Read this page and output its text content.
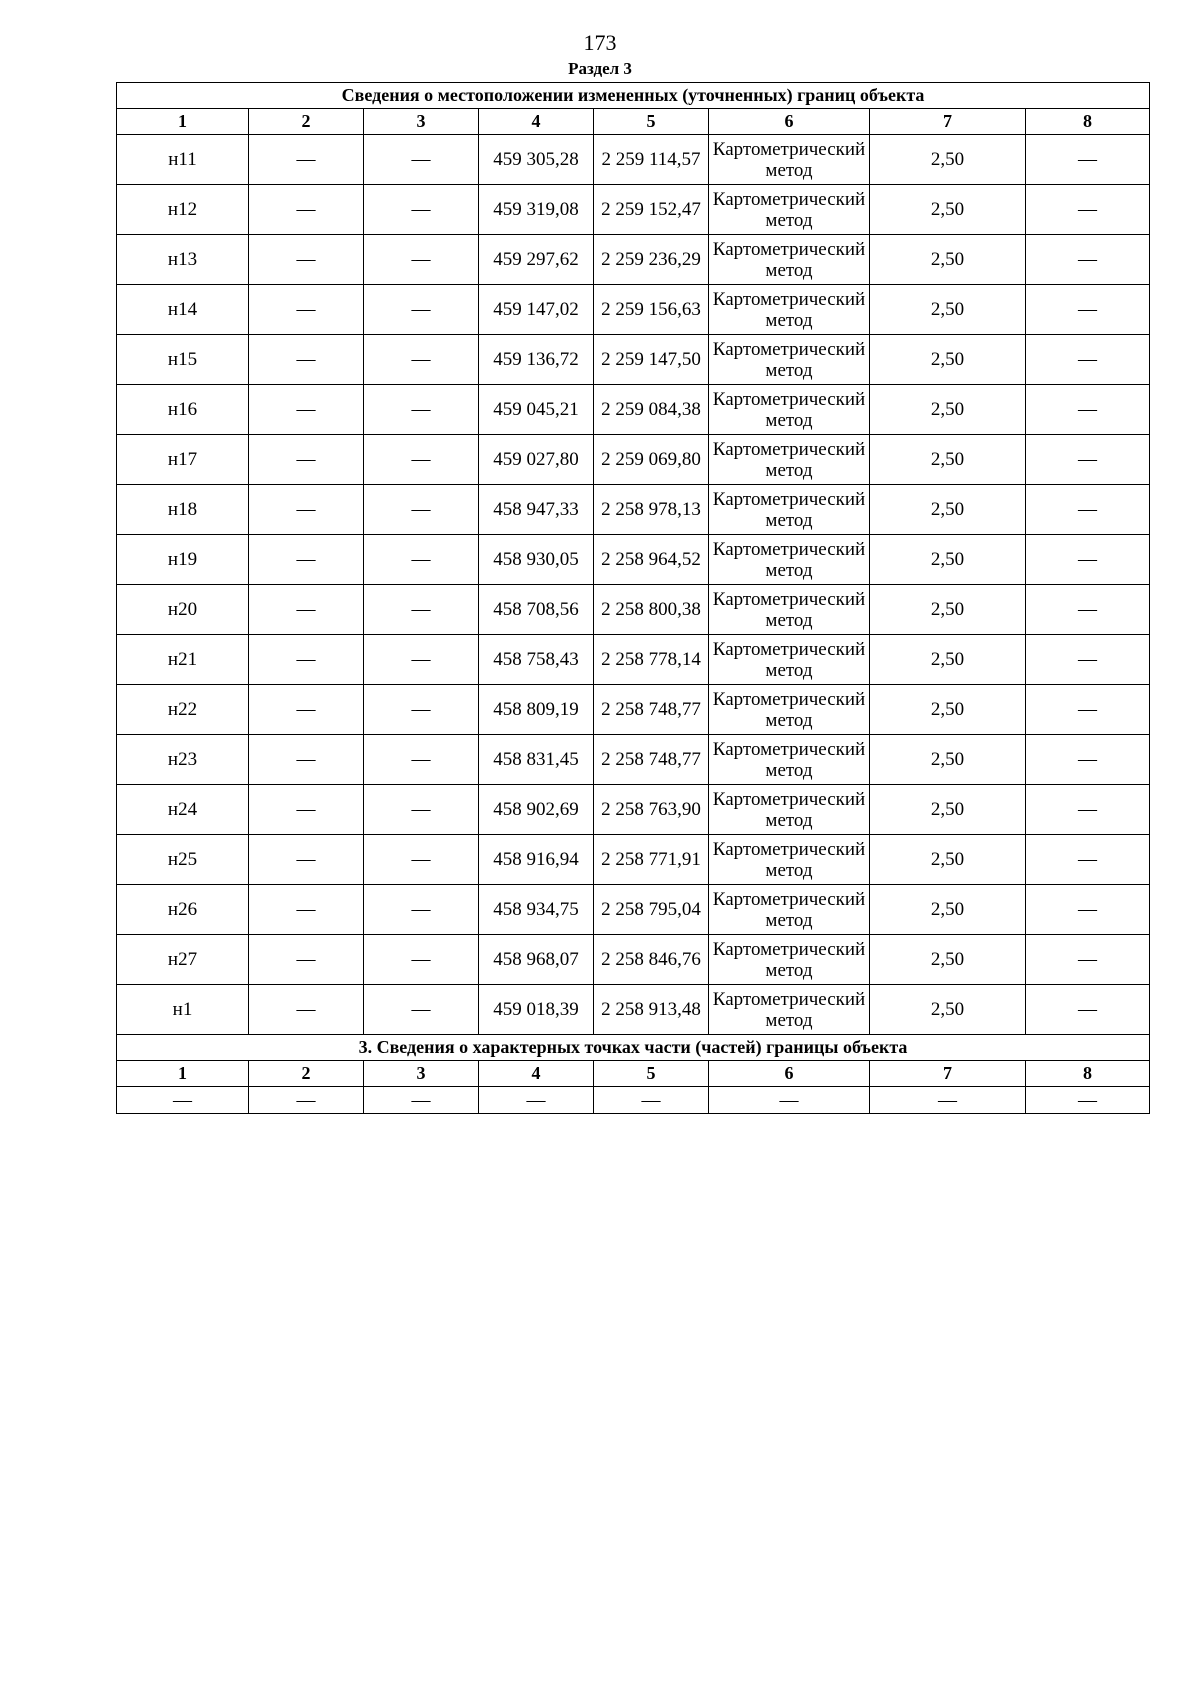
173
Раздел 3
Сведения о местоположении измененных (уточненных) границ объекта							
1	2	3	4	5	6	7	8
н11	—	—	459 305,28	2 259 114,57	Картометрический метод	2,50	—
н12	—	—	459 319,08	2 259 152,47	Картометрический метод	2,50	—
н13	—	—	459 297,62	2 259 236,29	Картометрический метод	2,50	—
н14	—	—	459 147,02	2 259 156,63	Картометрический метод	2,50	—
н15	—	—	459 136,72	2 259 147,50	Картометрический метод	2,50	—
н16	—	—	459 045,21	2 259 084,38	Картометрический метод	2,50	—
н17	—	—	459 027,80	2 259 069,80	Картометрический метод	2,50	—
н18	—	—	458 947,33	2 258 978,13	Картометрический метод	2,50	—
н19	—	—	458 930,05	2 258 964,52	Картометрический метод	2,50	—
н20	—	—	458 708,56	2 258 800,38	Картометрический метод	2,50	—
н21	—	—	458 758,43	2 258 778,14	Картометрический метод	2,50	—
н22	—	—	458 809,19	2 258 748,77	Картометрический метод	2,50	—
н23	—	—	458 831,45	2 258 748,77	Картометрический метод	2,50	—
н24	—	—	458 902,69	2 258 763,90	Картометрический метод	2,50	—
н25	—	—	458 916,94	2 258 771,91	Картометрический метод	2,50	—
н26	—	—	458 934,75	2 258 795,04	Картометрический метод	2,50	—
н27	—	—	458 968,07	2 258 846,76	Картометрический метод	2,50	—
н1	—	—	459 018,39	2 258 913,48	Картометрический метод	2,50	—
3. Сведения о характерных точках части (частей) границы объекта							
1	2	3	4	5	6	7	8
—	—	—	—	—	—	—	—
